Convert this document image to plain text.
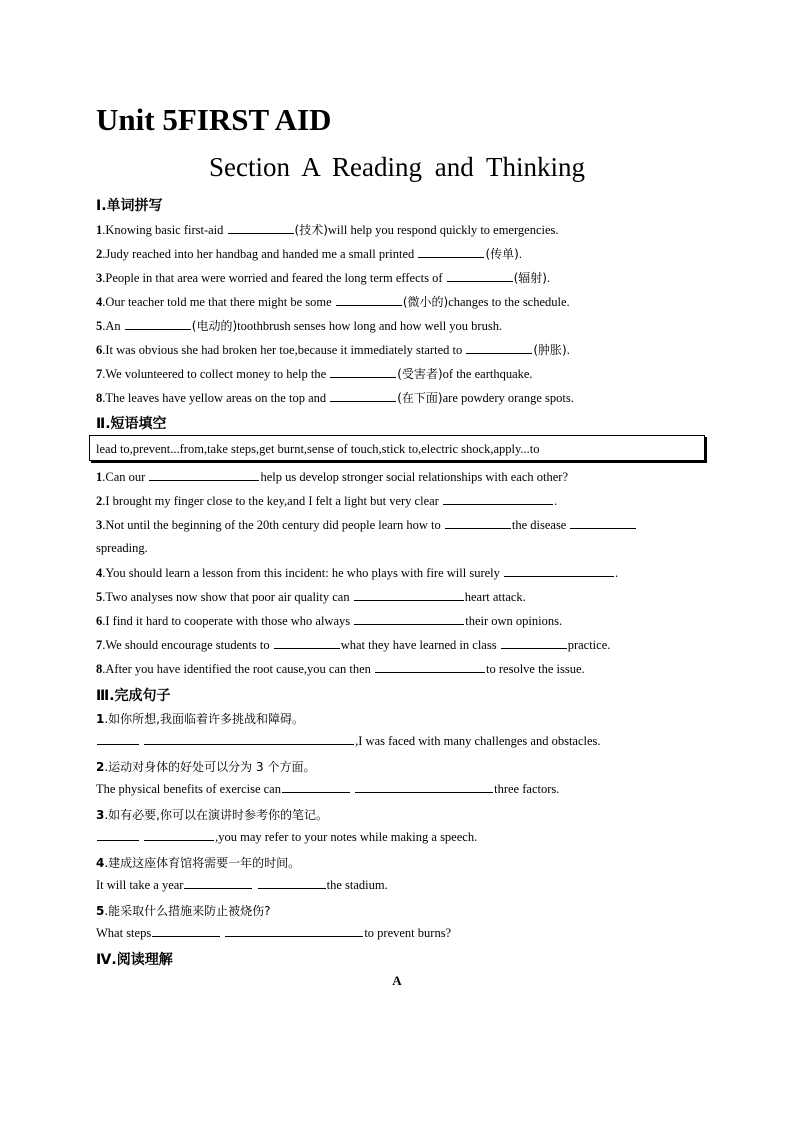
Unit 5FIRST AID
Section A Reading and Thinking
Ⅰ.单词拼写
1.Knowing basic first-aid	(技术)will help you respond quickly to emergencies.
2.Judy reached into her handbag and handed me a small printed	(传单).
3.People in that area were worried and feared the long term effects of	(辐射).
4.Our teacher told me that there might be some	(微小的)changes to the schedule.
5.An	(电动的)toothbrush senses how long and how well you brush.
6.It was obvious she had broken her toe,because it immediately started to	(肿胀).
7.We volunteered to collect money to help the	(受害者)of the earthquake.
8.The leaves have yellow areas on the top and	(在下面)are powdery orange spots.
Ⅱ.短语填空
lead to,prevent...from,take steps,get burnt,sense of touch,stick to,electric shock,apply...to
1.Can our	help us develop stronger social relationships with each other?
2.I brought my finger close to the key,and I felt a light but very clear	.
3.Not until the beginning of the 20th century did people learn how to	the disease
spreading.
4.You should learn a lesson from this incident: he who plays with fire will surely	.
5.Two analyses now show that poor air quality can	heart attack.
6.I find it hard to cooperate with those who always	their own opinions.
7.We should encourage students to	what they have learned in class	practice.
8.After you have identified the root cause,you can then	to resolve the issue.
Ⅲ.完成句子
1.如你所想,我面临着许多挑战和障碍。
,I was faced with many challenges and obstacles.
2.运动对身体的好处可以分为 3 个方面。
The physical benefits of exercise can	three factors.
3.如有必要,你可以在演讲时参考你的笔记。
,you may refer to your notes while making a speech.
4.建成这座体育馆将需要一年的时间。
It will take a year	the stadium.
5.能采取什么措施来防止被烧伤?
What steps	to prevent burns?
Ⅳ.阅读理解
A
